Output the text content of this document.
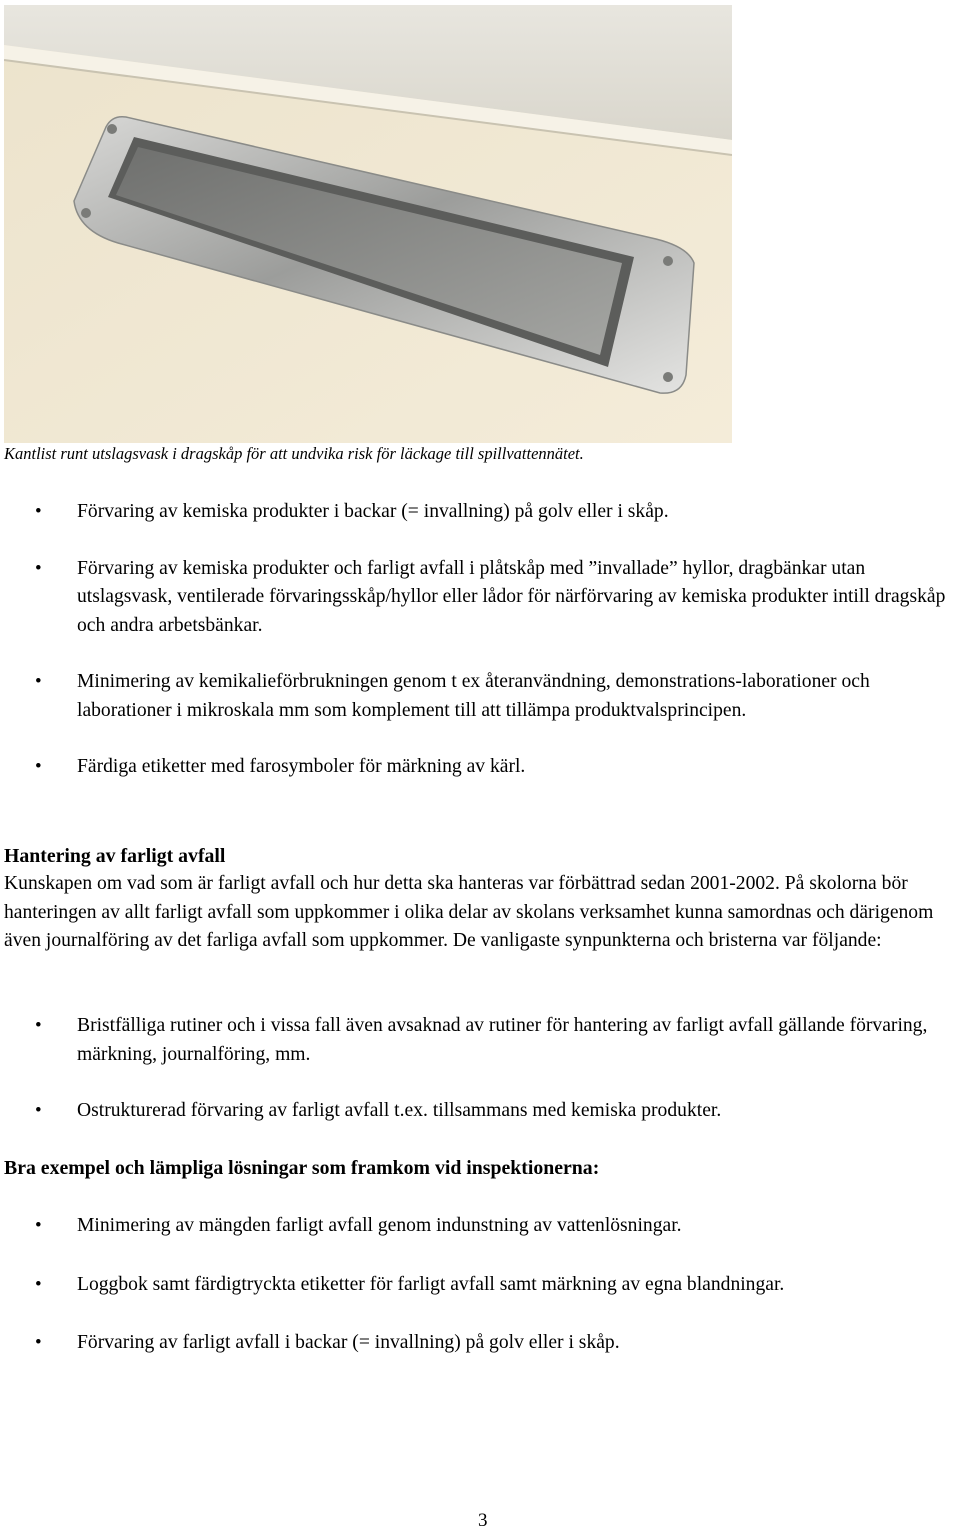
Kantlist runt utslagsvask i dragskåp för att undvika risk för läckage till spillvattennätet.

• Förvaring av kemiska produkter i backar (= invallning) på golv eller i skåp.
• Förvaring av kemiska produkter och farligt avfall i plåtskåp med ”invallade” hyllor, dragbänkar utan utslagsvask, ventilerade förvaringsskåp/hyllor eller lådor för närförvaring av kemiska produkter intill dragskåp och andra arbetsbänkar.
• Minimering av kemikalieförbrukningen genom t ex återanvändning, demonstrations-laborationer och laborationer i mikroskala mm som komplement till att tillämpa produktvalsprincipen.
• Färdiga etiketter med farosymboler för märkning av kärl.

Hantering av farligt avfall

Kunskapen om vad som är farligt avfall och hur detta ska hanteras var förbättrad sedan 2001-2002. På skolorna bör hanteringen av allt farligt avfall som uppkommer i olika delar av skolans verksamhet kunna samordnas och därigenom även journalföring av det farliga avfall som uppkommer. De vanligaste synpunkterna och bristerna var följande:

• Bristfälliga rutiner och i vissa fall även avsaknad av rutiner för hantering av farligt avfall gällande förvaring, märkning, journalföring, mm.
• Ostrukturerad förvaring av farligt avfall t.ex. tillsammans med kemiska produkter.

Bra exempel och lämpliga lösningar som framkom vid inspektionerna:

• Minimering av mängden farligt avfall genom indunstning av vattenlösningar.
• Loggbok samt färdigtryckta etiketter för farligt avfall samt märkning av egna blandningar.
• Förvaring av farligt avfall i backar (= invallning) på golv eller i skåp.

3
